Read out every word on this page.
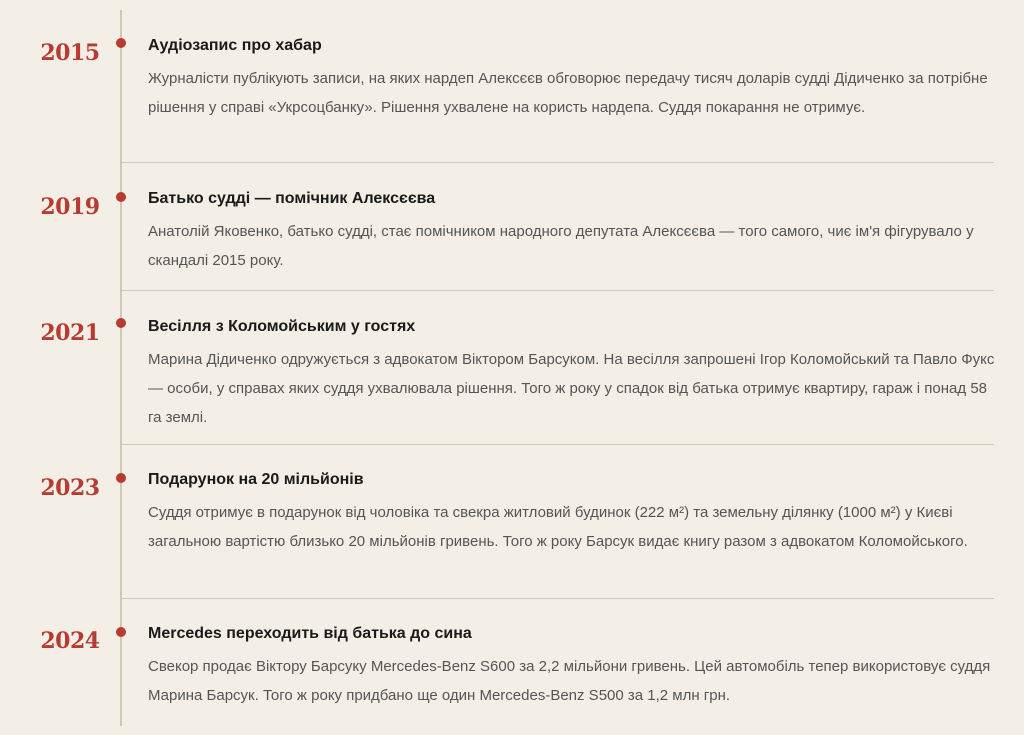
2015	Аудіозапис про хабар
Журналісти публікують записи, на яких нардеп Алексєєв обговорює передачу тисяч доларів судді Дідиченко за потрібне рішення у справі «Укрсоцбанку». Рішення ухвалене на користь нардепа. Суддя покарання не отримує.
2019	Батько судді — помічник Алексєєва
Анатолій Яковенко, батько судді, стає помічником народного депутата Алексєєва — того самого, чиє ім'я фігурувало у скандалі 2015 року.
2021	Весілля з Коломойським у гостях
Марина Дідиченко одружується з адвокатом Віктором Барсуком. На весілля запрошені Ігор Коломойський та Павло Фукс — особи, у справах яких суддя ухвалювала рішення. Того ж року у спадок від батька отримує квартиру, гараж і понад 58 га землі.
2023	Подарунок на 20 мільйонів
Суддя отримує в подарунок від чоловіка та свекра житловий будинок (222 м²) та земельну ділянку (1000 м²) у Києві загальною вартістю близько 20 мільйонів гривень. Того ж року Барсук видає книгу разом з адвокатом Коломойського.
2024	Mercedes переходить від батька до сина
Свекор продає Віктору Барсуку Mercedes-Benz S600 за 2,2 мільйони гривень. Цей автомобіль тепер використовує суддя Марина Барсук. Того ж року придбано ще один Mercedes-Benz S500 за 1,2 млн грн.
